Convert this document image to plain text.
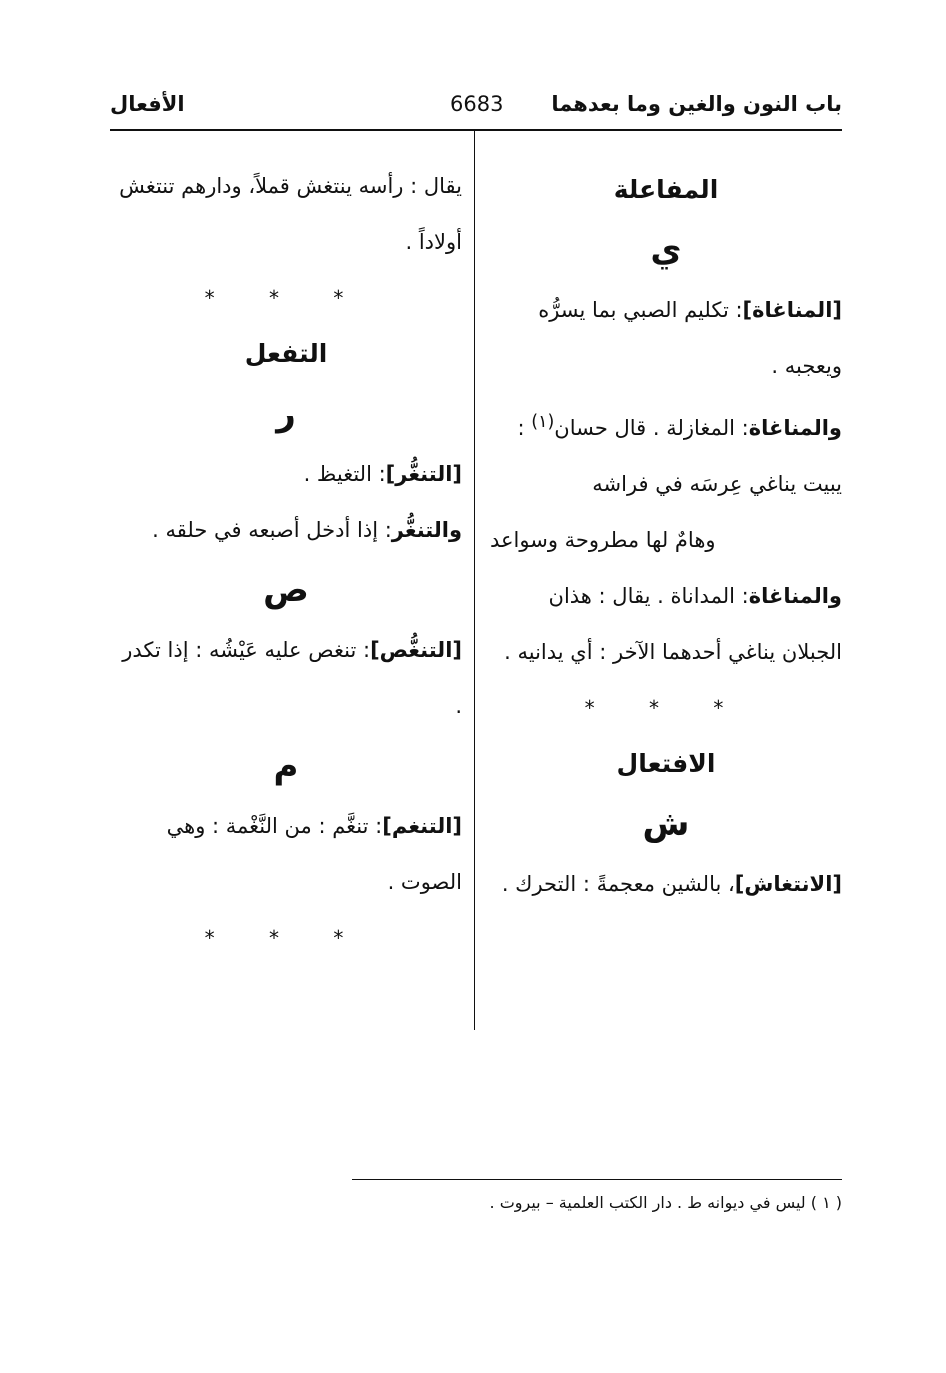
باب النون والغين وما بعدهما
6683
الأفعال

المفاعلة

ي

[المناغاة]: تكليم الصبي بما يسرُّه ويعجبه .

والمناغاة: المغازلة . قال حسان$^{(١)}$ :

يبيت يناغي عِرسَه في فراشه

وهامٌ لها مطروحة وسواعد

والمناغاة: المداناة . يقال : هذان الجبلان يناغي أحدهما الآخر : أي يدانيه .

* * *

الافتعال

ش

[الانتغاش]، بالشين معجمةً : التحرك .

يقال : رأسه ينتغش قملاً، ودارهم تنتغش أولاداً .

* * *

التفعل

ر

[التنغُّر]: التغيظ .

والتنغُّر: إذا أدخل أصبعه في حلقه .

ص

[التنغُّص]: تنغص عليه عَيْشُه : إذا تكدر .

م

[التنغم]: تنغَّم : من النَّغْمة : وهي الصوت .

* * *

( ١ ) ليس في ديوانه ط . دار الكتب العلمية – بيروت .
